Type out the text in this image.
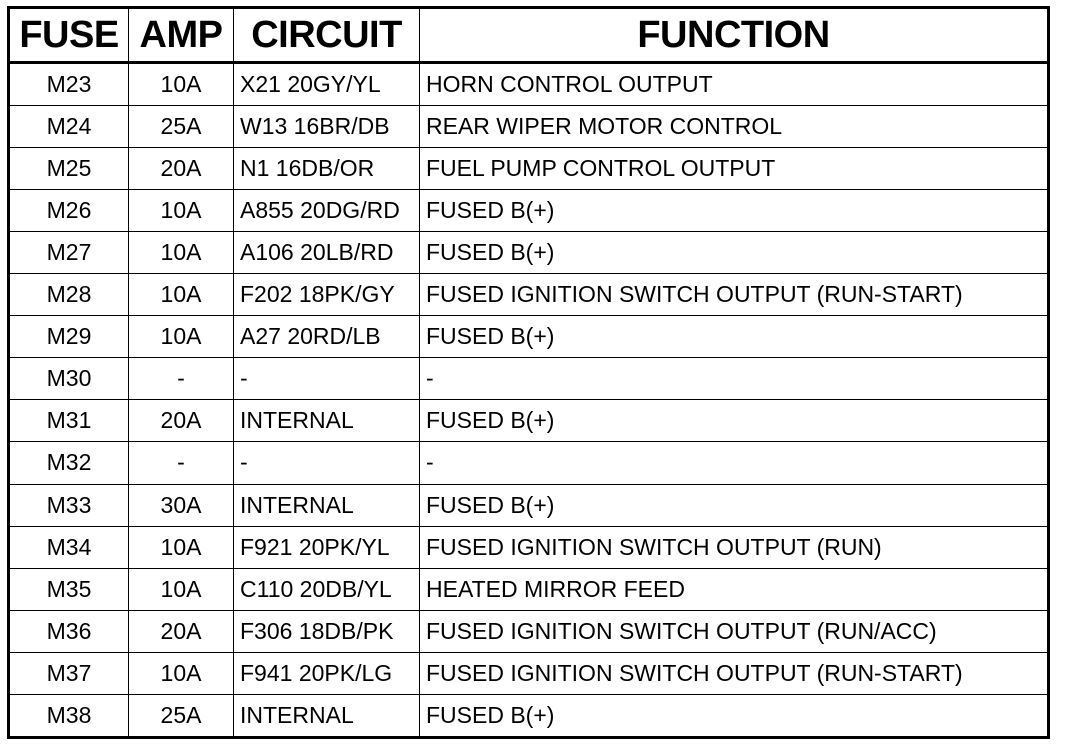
FUSE	AMP	CIRCUIT	FUNCTION
M23	10A	X21 20GY/YL	HORN CONTROL OUTPUT
M24	25A	W13 16BR/DB	REAR WIPER MOTOR CONTROL
M25	20A	N1 16DB/OR	FUEL PUMP CONTROL OUTPUT
M26	10A	A855 20DG/RD	FUSED B(+)
M27	10A	A106 20LB/RD	FUSED B(+)
M28	10A	F202 18PK/GY	FUSED IGNITION SWITCH OUTPUT (RUN-START)
M29	10A	A27 20RD/LB	FUSED B(+)
M30	-	-	-
M31	20A	INTERNAL	FUSED B(+)
M32	-	-	-
M33	30A	INTERNAL	FUSED B(+)
M34	10A	F921 20PK/YL	FUSED IGNITION SWITCH OUTPUT (RUN)
M35	10A	C110 20DB/YL	HEATED MIRROR FEED
M36	20A	F306 18DB/PK	FUSED IGNITION SWITCH OUTPUT (RUN/ACC)
M37	10A	F941 20PK/LG	FUSED IGNITION SWITCH OUTPUT (RUN-START)
M38	25A	INTERNAL	FUSED B(+)
